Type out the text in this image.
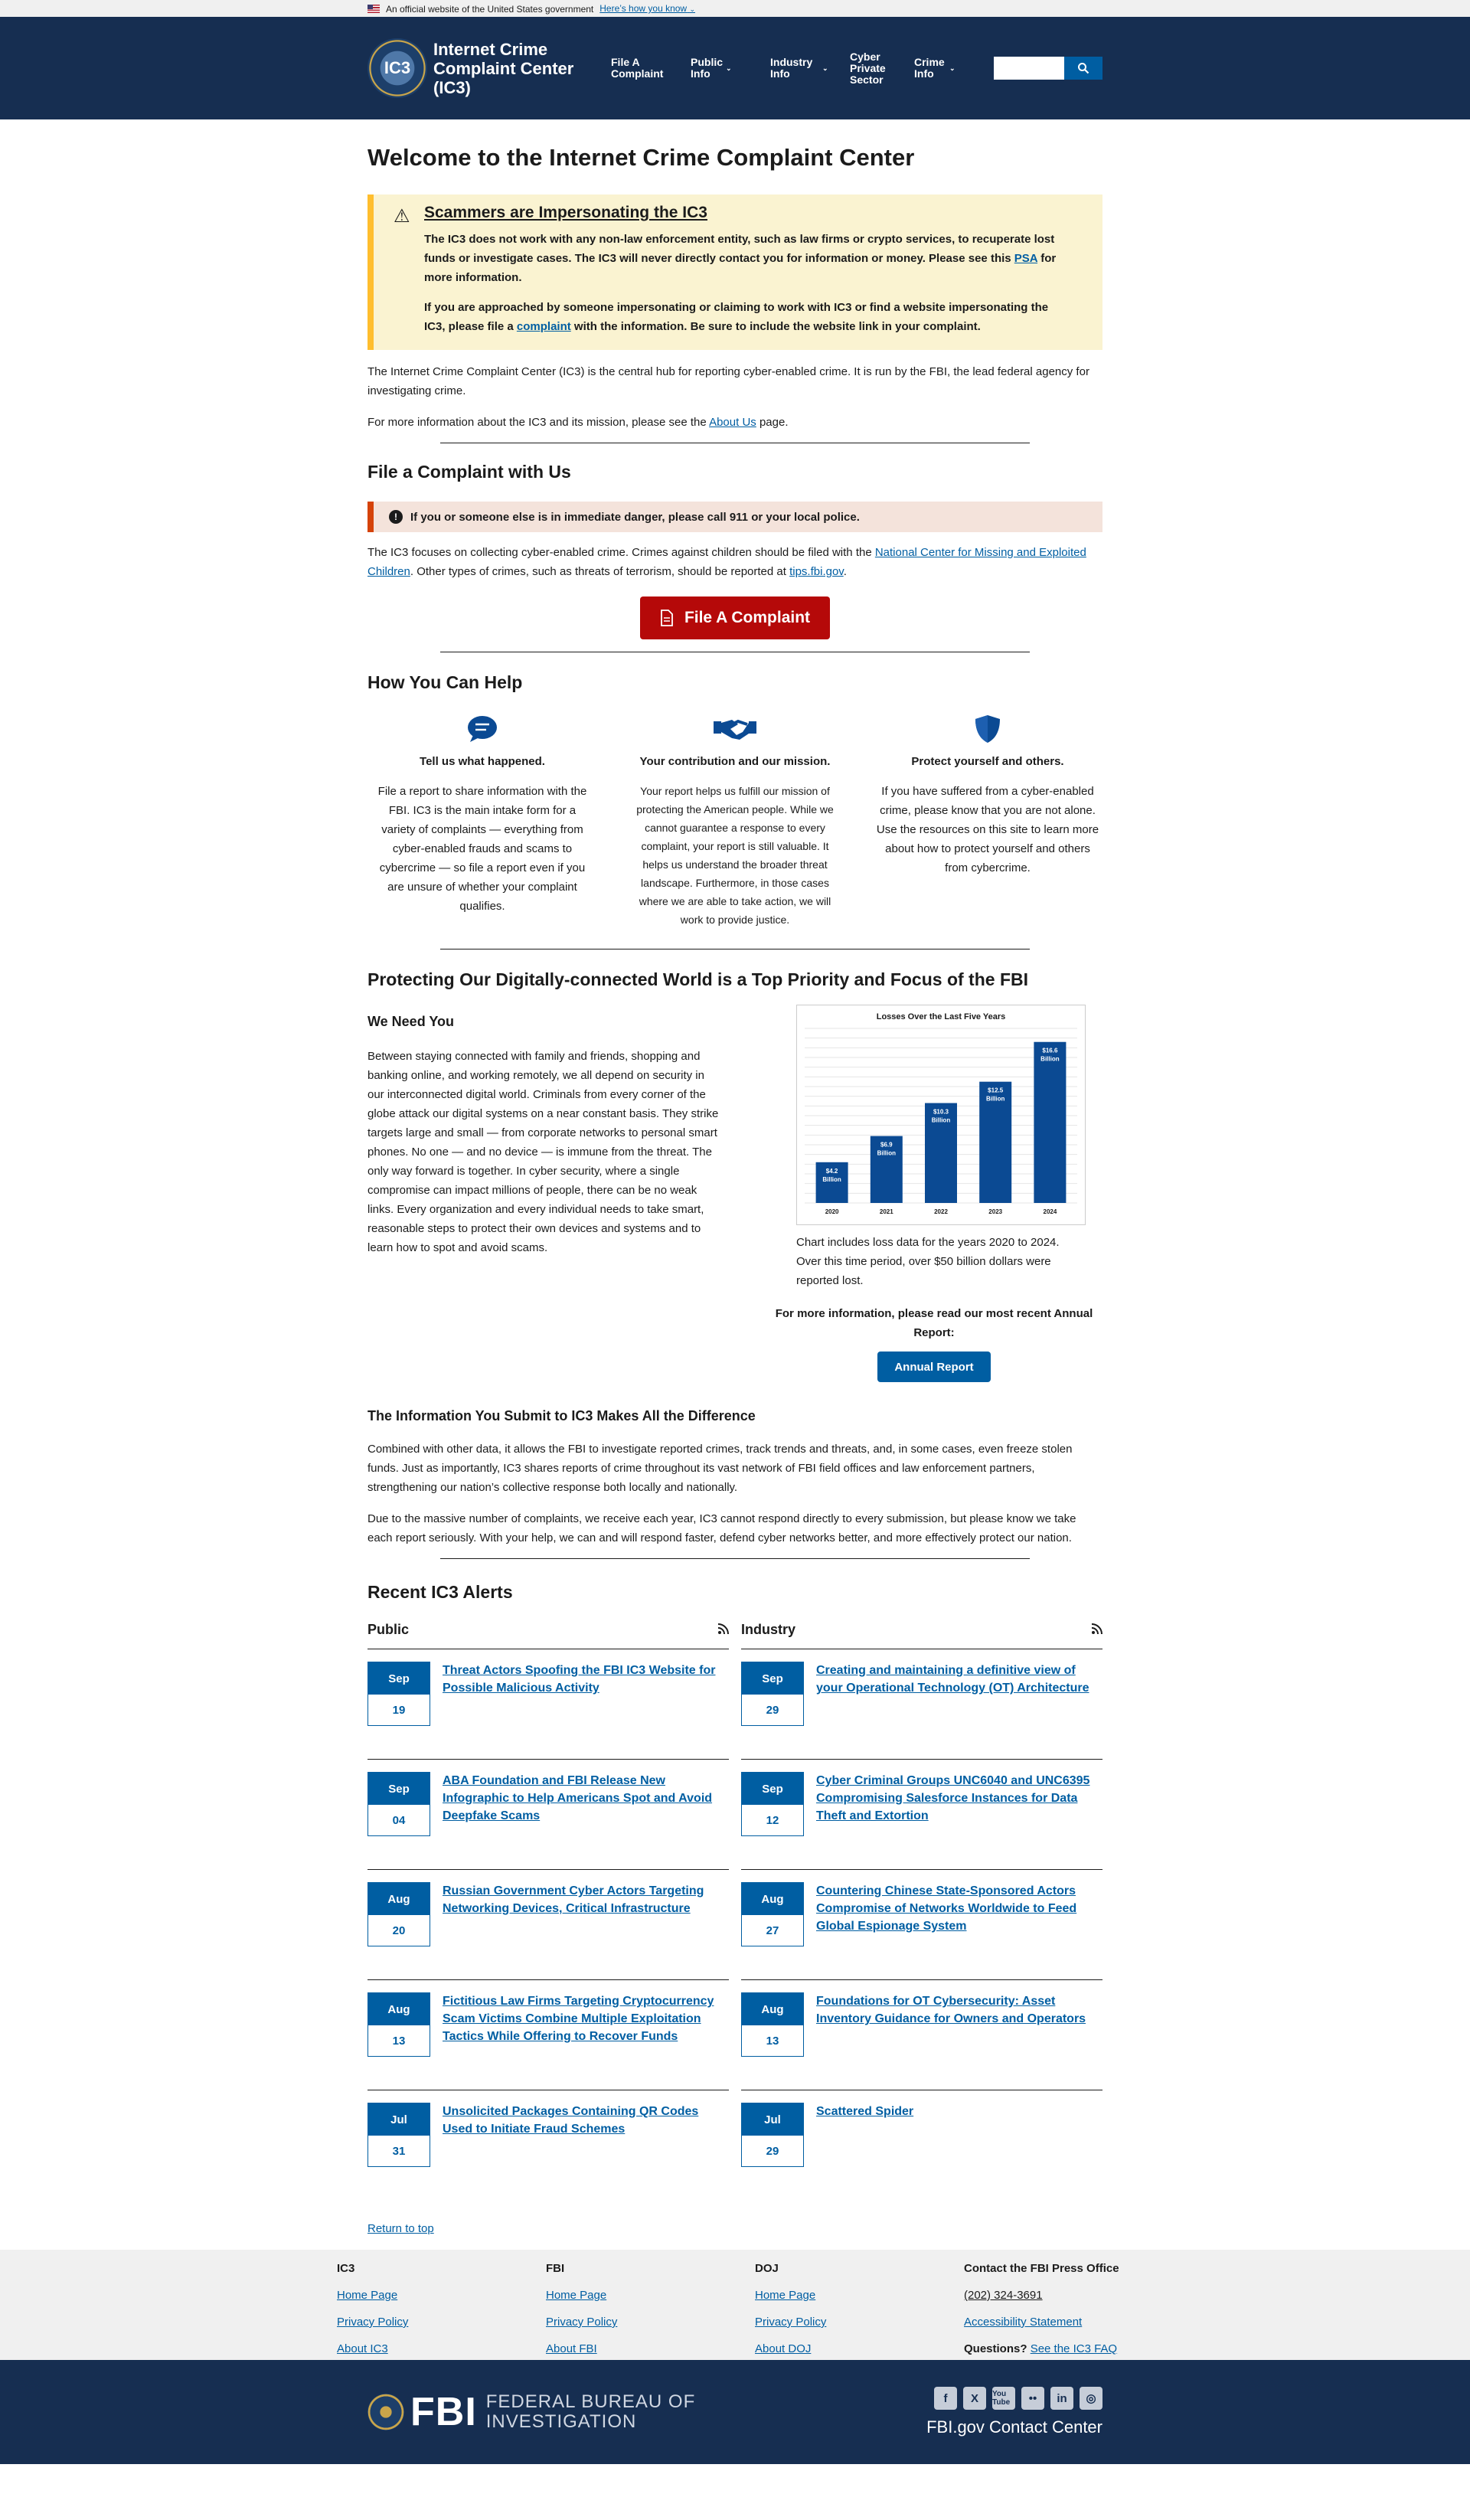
An official website of the United States government Here’s how you know ⌄
IC3
Internet Crime
Complaint Center (IC3)
File A Complaint
Public Info	⌄	Industry Info	⌄
Cyber Private Sector
Crime Info	⌄
Welcome to the Internet Crime Complaint Center
⚠ Scammers are Impersonating the IC3

The IC3 does not work with any non-law enforcement entity, such as law firms or crypto services, to recuperate lost funds or investigate cases. The IC3 will never directly contact you for information or money. Please see this PSA for more information.

If you are approached by someone impersonating or claiming to work with IC3 or find a website impersonating the IC3, please file a complaint with the information. Be sure to include the website link in your complaint.

The Internet Crime Complaint Center (IC3) is the central hub for reporting cyber-enabled crime. It is run by the FBI, the lead federal agency for investigating crime.

For more information about the IC3 and its mission, please see the About Us page.

File a Complaint with Us
!	If you or someone else is in immediate danger, please call 911 or your local police.

The IC3 focuses on collecting cyber-enabled crime. Crimes against children should be filed with the National Center for Missing and Exploited Children. Other types of crimes, such as threats of terrorism, should be reported at tips.fbi.gov.

File A Complaint
How You Can Help
Tell us what happened.

File a report to share information with the FBI. IC3 is the main intake form for a variety of complaints — everything from cyber-enabled frauds and scams to cybercrime — so file a report even if you are unsure of whether your complaint qualifies.

Your contribution and our mission.

Your report helps us fulfill our mission of protecting the American people. While we cannot guarantee a response to every complaint, your report is still valuable. It helps us understand the broader threat landscape. Furthermore, in those cases where we are able to take action, we will work to provide justice.

Protect yourself and others.

If you have suffered from a cyber-enabled crime, please know that you are not alone. Use the resources on this site to learn more about how to protect yourself and others from cybercrime.

Protecting Our Digitally-connected World is a Top Priority and Focus of the FBI
We Need You

Between staying connected with family and friends, shopping and banking online, and working remotely, we all depend on security in our interconnected digital world. Criminals from every corner of the globe attack our digital systems on a near constant basis. They strike targets large and small — from corporate networks to personal smart phones. No one — and no device — is immune from the threat. The only way forward is together. In cyber security, where a single compromise can impact millions of people, there can be no weak links. Every organization and every individual needs to take smart, reasonable steps to protect their own devices and systems and to learn how to spot and avoid scams.

Losses Over the Last Five Years
$4.2
Billion
2020
$6.9
Billion
2021
$10.3
Billion
2022
$12.5
Billion
2023
$16.6
Billion
2024

Chart includes loss data for the years 2020 to 2024. Over this time period, over $50 billion dollars were reported lost.

For more information, please read our most recent Annual Report:

Annual Report
The Information You Submit to IC3 Makes All the Difference

Combined with other data, it allows the FBI to investigate reported crimes, track trends and threats, and, in some cases, even freeze stolen funds. Just as importantly, IC3 shares reports of crime throughout its vast network of FBI field offices and law enforcement partners, strengthening our nation’s collective response both locally and nationally.

Due to the massive number of complaints, we receive each year, IC3 cannot respond directly to every submission, but please know we take each report seriously. With your help, we can and will respond faster, defend cyber networks better, and more effectively protect our nation.

Recent IC3 Alerts
Public
Sep
19
Threat Actors Spoofing the FBI IC3 Website for Possible Malicious Activity
Sep
04
ABA Foundation and FBI Release New Infographic to Help Americans Spot and Avoid Deepfake Scams
Aug
20
Russian Government Cyber Actors Targeting Networking Devices, Critical Infrastructure
Aug
13
Fictitious Law Firms Targeting Cryptocurrency Scam Victims Combine Multiple Exploitation Tactics While Offering to Recover Funds
Jul
31
Unsolicited Packages Containing QR Codes Used to Initiate Fraud Schemes
Industry
Sep
29
Creating and maintaining a definitive view of your Operational Technology (OT) Architecture
Sep
12
Cyber Criminal Groups UNC6040 and UNC6395 Compromising Salesforce Instances for Data Theft and Extortion
Aug
27
Countering Chinese State-Sponsored Actors Compromise of Networks Worldwide to Feed Global Espionage System
Aug
13
Foundations for OT Cybersecurity: Asset Inventory Guidance for Owners and Operators
Jul
29
Scattered Spider
Return to top
IC3
Home Page
Privacy Policy
About IC3
FBI
Home Page
Privacy Policy
About FBI
DOJ
Home Page
Privacy Policy
About DOJ
Contact the FBI Press Office
(202) 324-3691
Accessibility Statement

Questions? See the IC3 FAQ

FBI FEDERAL BUREAU OF
INVESTIGATION
f	X	You Tube	••	in	◎
FBI.gov Contact Center
